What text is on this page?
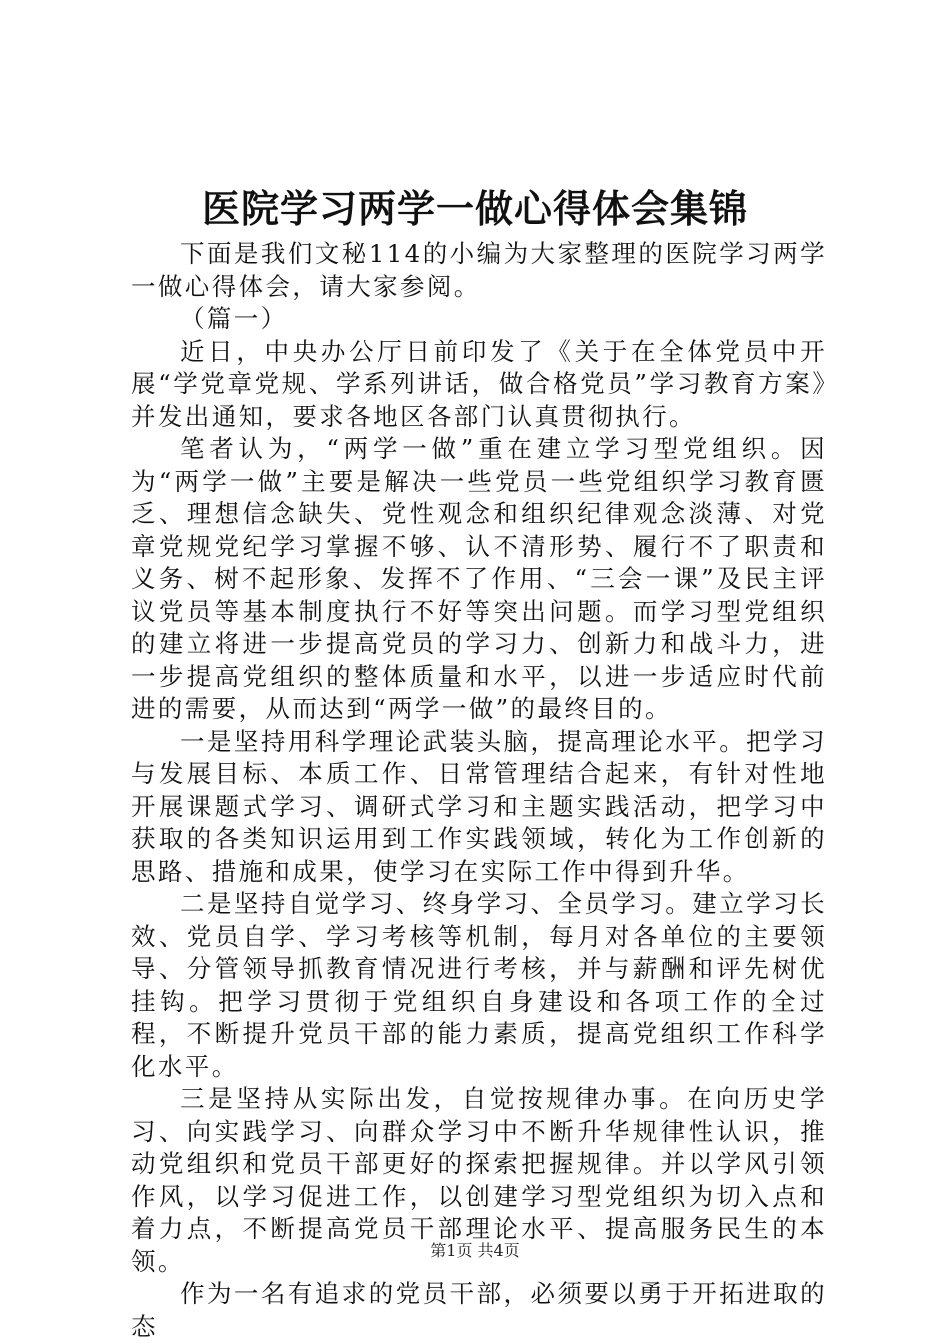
医院学习两学一做心得体会集锦

下面是我们文秘114的小编为大家整理的医院学习两学一做心得体会，请大家参阅。

（篇一）

近日，中央办公厅日前印发了《关于在全体党员中开展“学党章党规、学系列讲话，做合格党员”学习教育方案》并发出通知，要求各地区各部门认真贯彻执行。

笔者认为，“两学一做”重在建立学习型党组织。因为“两学一做”主要是解决一些党员一些党组织学习教育匮乏、理想信念缺失、党性观念和组织纪律观念淡薄、对党章党规党纪学习掌握不够、认不清形势、履行不了职责和义务、树不起形象、发挥不了作用、“三会一课”及民主评议党员等基本制度执行不好等突出问题。而学习型党组织的建立将进一步提高党员的学习力、创新力和战斗力，进一步提高党组织的整体质量和水平，以进一步适应时代前进的需要，从而达到“两学一做”的最终目的。

一是坚持用科学理论武装头脑，提高理论水平。把学习与发展目标、本质工作、日常管理结合起来，有针对性地开展课题式学习、调研式学习和主题实践活动，把学习中获取的各类知识运用到工作实践领域，转化为工作创新的思路、措施和成果，使学习在实际工作中得到升华。

二是坚持自觉学习、终身学习、全员学习。建立学习长效、党员自学、学习考核等机制，每月对各单位的主要领导、分管领导抓教育情况进行考核，并与薪酬和评先树优挂钩。把学习贯彻于党组织自身建设和各项工作的全过程，不断提升党员干部的能力素质，提高党组织工作科学化水平。

三是坚持从实际出发，自觉按规律办事。在向历史学习、向实践学习、向群众学习中不断升华规律性认识，推动党组织和党员干部更好的探索把握规律。并以学风引领作风，以学习促进工作，以创建学习型党组织为切入点和着力点，不断提高党员干部理论水平、提高服务民生的本领。

作为一名有追求的党员干部，必须要以勇于开拓进取的态

第1页 共4页
